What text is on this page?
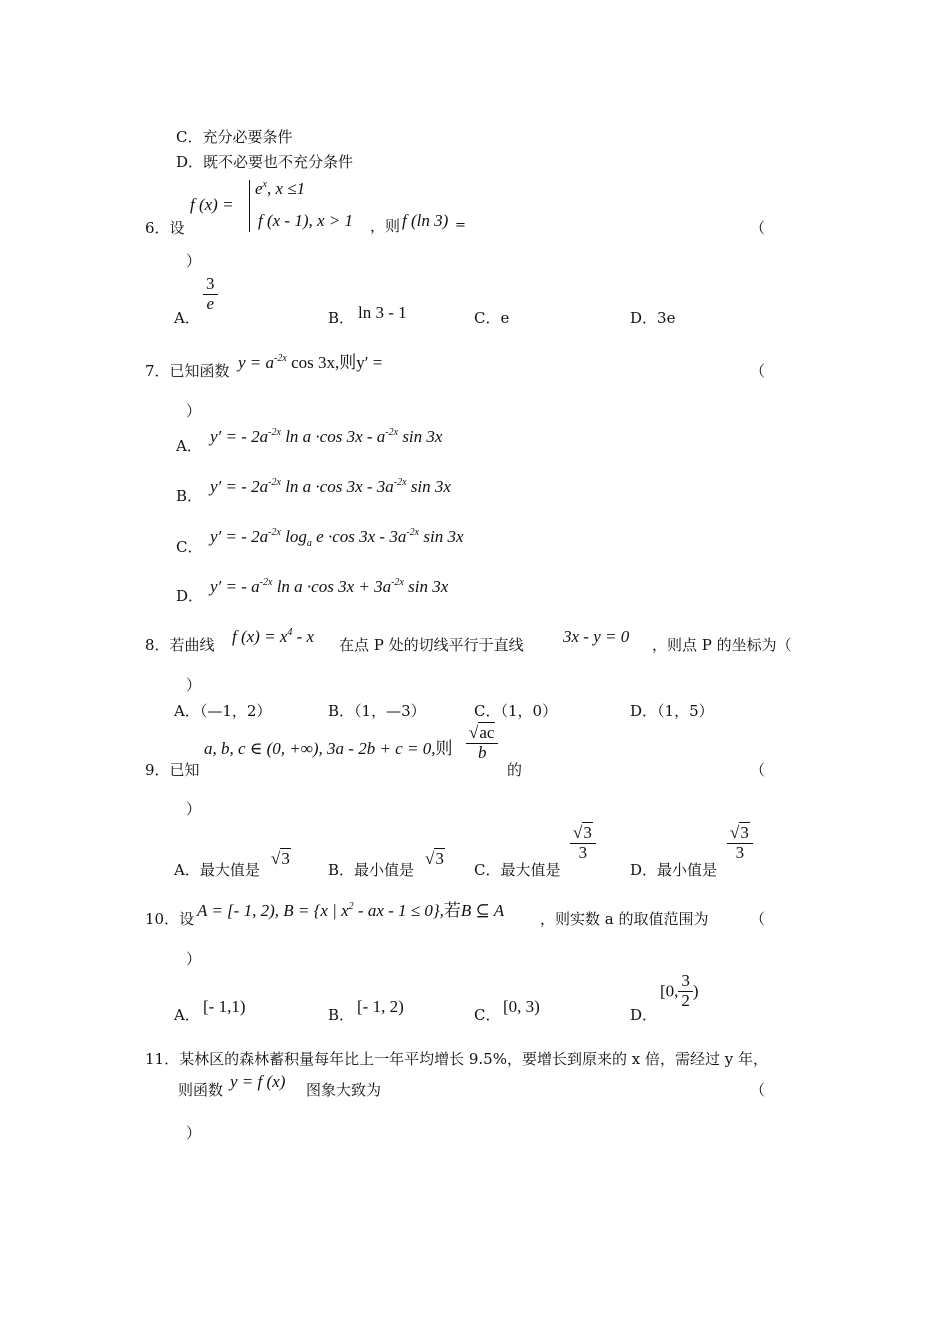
C．充分必要条件
D．既不必要也不充分条件
6．设
f (x) =
$e^x$, x ≤1
f (x - 1), x > 1 ，则 f (ln 3) =	（
）
A．
$\frac{3}{e}$
B． ln 3 - 1	C．e	D．3e
7．已知函数 $y = a^{-2x}$ cos 3x,则y′ =	（
）
A． y′ = - $2a^{-2x}$ ln a ·cos $3x - a^{-2x}$ sin 3x
B． y′ = - $2a^{-2x}$ ln a ·cos $3x - 3a^{-2x}$ sin 3x
C．
y′ = - $2a^{-2x}$ $\log_a e \cdot\cos$ $3x - 3a^{-2x}$ sin 3x
D． y′ = - $a^{-2x}$ ln a ·cos $3x + 3a^{-2x}$ sin 3x
8．若曲线 f $(x) = x^4 - x$ 在点 P 处的切线平行于直线 3x - y = 0 ，则点 P 的坐标为（
）
A．（—1，2）	B．（1，—3）	C．（1，0）	D．（1，5）
9．已知
a, b, c ∈ (0, +∞), 3a - 2b + c = 0,则 $\frac{√ac}{b}$
的	（
）
A．最大值是
√3
B．最小值是
√3
C．最大值是
$\frac{√3}{3}$
D．最小值是
$\frac{√3}{3}$
10．设 A = [- 1, 2), B = {x | $x^2$ - ax - 1 ≤ 0},若B ⊆ A ，则实数 a 的取值范围为	（
）
A． [- 1,1)	B． [- 1, 2)	C． [0, 3)	D．
[0, $\frac{3}{2}$ )
11．某林区的森林蓄积量每年比上一年平均增长 9.5%，要增长到原来的 x 倍，需经过 y 年，
则函数 y = f (x) 图象大致为	（
）
